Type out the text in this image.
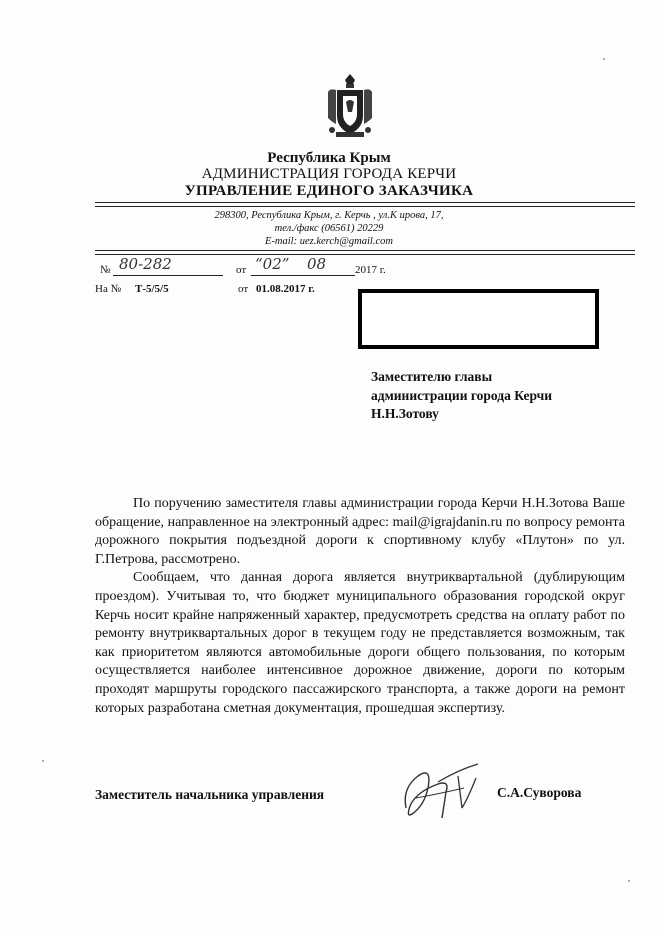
Республика Крым
АДМИНИСТРАЦИЯ ГОРОДА КЕРЧИ
УПРАВЛЕНИЕ ЕДИНОГО ЗАКАЗЧИКА
298300, Республика Крым, г. Керчь , ул.К ирова, 17,
тел./факс (06561) 20229
E-mail: uez.kerch@gmail.com
№ 80-282	от “02” 08	2017 г.
На № Т-5/5/5	от 01.08.2017 г.
Заместителю главы
администрации города Керчи
Н.Н.Зотову

По поручению заместителя главы администрации города Керчи Н.Н.Зотова Ваше обращение, направленное на электронный адрес: mail@igrajdanin.ru по вопросу ремонта дорожного покрытия подъездной дороги к спортивному клубу «Плутон» по ул. Г.Петрова, рассмотрено.

Сообщаем, что данная дорога является внутриквартальной (дублирующим проездом). Учитывая то, что бюджет муниципального образования городской округ Керчь носит крайне напряженный характер, предусмотреть средства на оплату работ по ремонту внутриквартальных дорог в текущем году не представляется возможным, так как приоритетом являются автомобильные дороги общего пользования, по которым осуществляется наиболее интенсивное дорожное движение, дороги по которым проходят маршруты городского пассажирского транспорта, а также дороги на ремонт которых разработана сметная документация, прошедшая экспертизу.

Заместитель начальника управления	С.А.Суворова
